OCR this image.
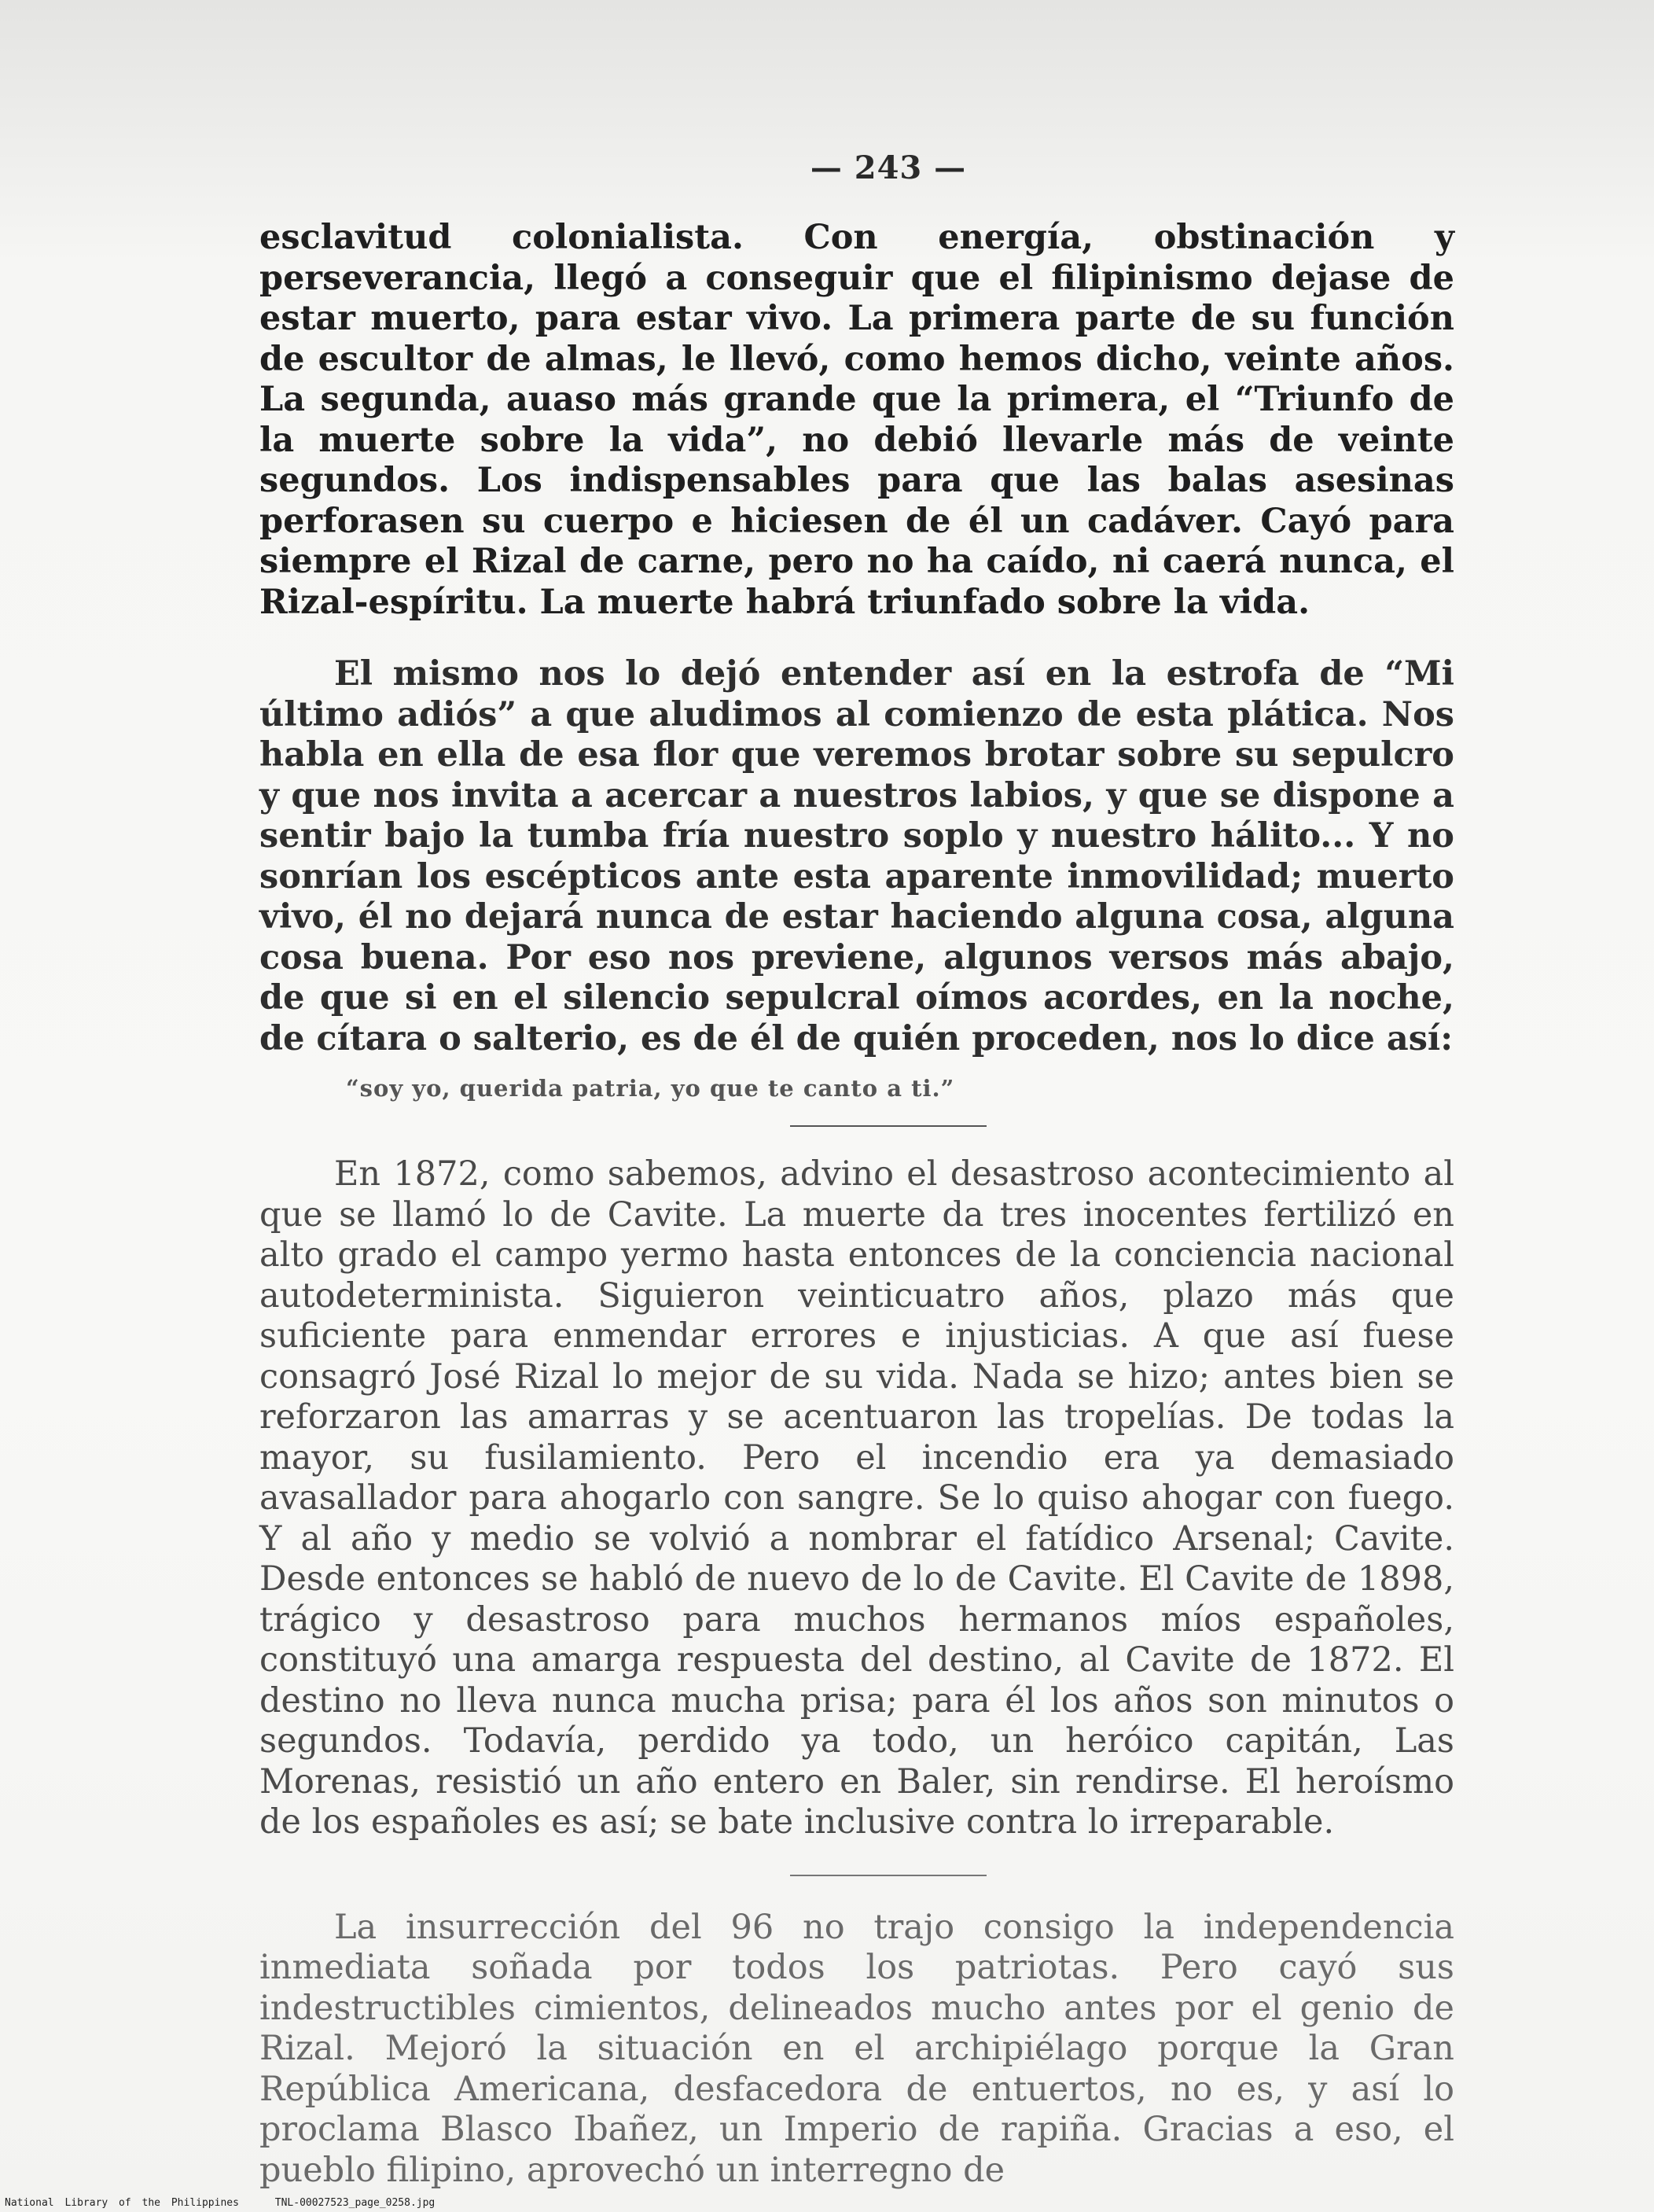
— 243 —

esclavitud colonialista. Con energía, obstinación y perseverancia, llegó a conseguir que el filipinismo dejase de estar muerto, para estar vivo. La primera parte de su función de escultor de almas, le llevó, como hemos dicho, veinte años. La segunda, auaso más grande que la primera, el “Triunfo de la muerte sobre la vida”, no debió llevarle más de veinte segundos. Los indispensables para que las balas asesinas perforasen su cuerpo e hiciesen de él un cadáver. Cayó para siempre el Rizal de carne, pero no ha caído, ni caerá nunca, el Rizal-espíritu. La muerte habrá triunfado sobre la vida.

El mismo nos lo dejó entender así en la estrofa de “Mi último adiós” a que aludimos al comienzo de esta plática. Nos habla en ella de esa flor que veremos brotar sobre su sepulcro y que nos invita a acercar a nuestros labios, y que se dispone a sentir bajo la tumba fría nuestro soplo y nuestro hálito... Y no sonrían los escépticos ante esta aparente inmovilidad; muerto vivo, él no dejará nunca de estar haciendo alguna cosa, alguna cosa buena. Por eso nos previene, algunos versos más abajo, de que si en el silencio sepulcral oímos acordes, en la noche, de cítara o salterio, es de él de quién proceden, nos lo dice así:

“soy yo, querida patria, yo que te canto a ti.”

En 1872, como sabemos, advino el desastroso acontecimiento al que se llamó lo de Cavite. La muerte da tres inocentes fertilizó en alto grado el campo yermo hasta entonces de la conciencia nacional autodeterminista. Siguieron veinticuatro años, plazo más que suficiente para enmendar errores e injusticias. A que así fuese consagró José Rizal lo mejor de su vida. Nada se hizo; antes bien se reforzaron las amarras y se acentuaron las tropelías. De todas la mayor, su fusilamiento. Pero el incendio era ya demasiado avasallador para ahogarlo con sangre. Se lo quiso ahogar con fuego. Y al año y medio se volvió a nombrar el fatídico Arsenal; Cavite. Desde entonces se habló de nuevo de lo de Cavite. El Cavite de 1898, trágico y desastroso para muchos hermanos míos españoles, constituyó una amarga respuesta del destino, al Cavite de 1872. El destino no lleva nunca mucha prisa; para él los años son minutos o segundos. Todavía, perdido ya todo, un heróico capitán, Las Morenas, resistió un año entero en Baler, sin rendirse. El heroísmo de los españoles es así; se bate inclusive contra lo irreparable.

La insurrección del 96 no trajo consigo la independencia inmediata soñada por todos los patriotas. Pero cayó sus indestructibles cimientos, delineados mucho antes por el genio de Rizal. Mejoró la situación en el archipiélago porque la Gran República Americana, desfacedora de entuertos, no es, y así lo proclama Blasco Ibañez, un Imperio de rapiña. Gracias a eso, el pueblo filipino, aprovechó un interregno de

National Library of the Philippines	TNL-00027523_page_0258.jpg
